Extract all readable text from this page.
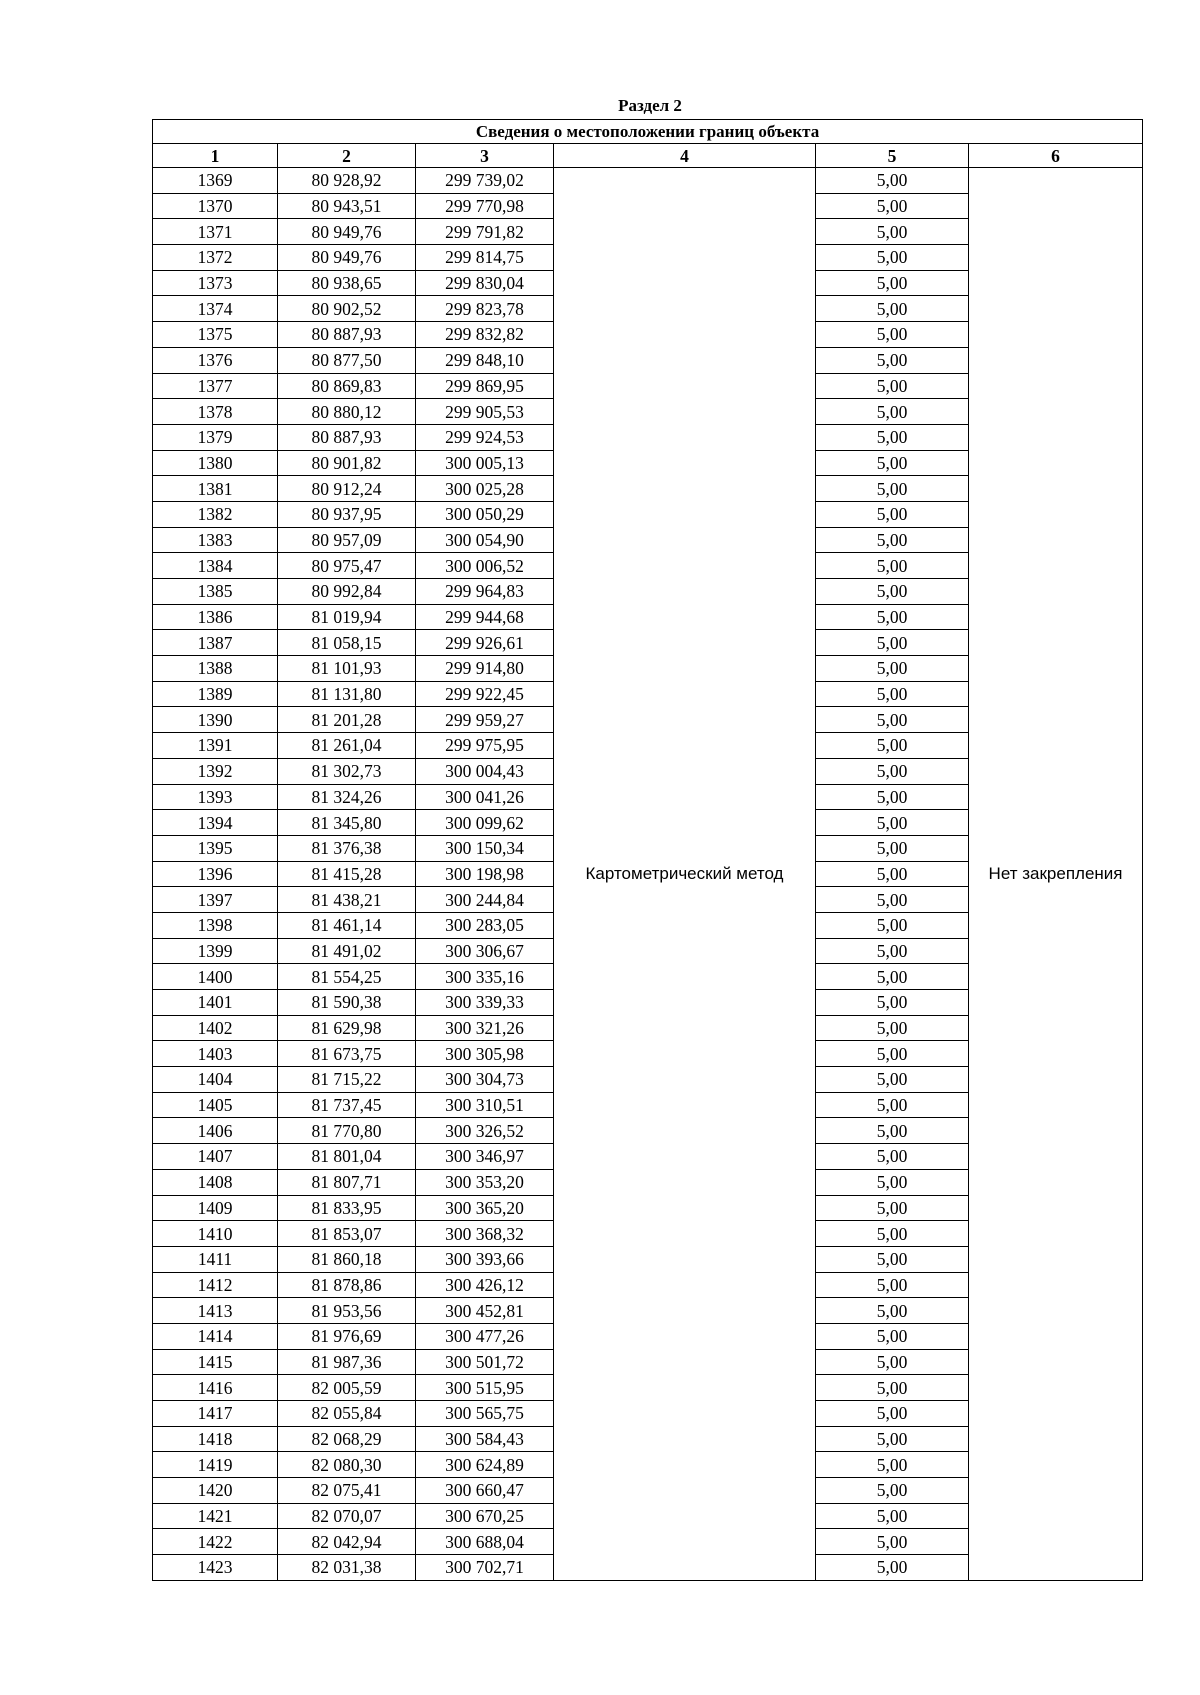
Раздел 2
Сведения о местоположении границ объекта					
1	2	3	4	5	6
1369	80 928,92	299 739,02	Картометрический метод	5,00	Нет закрепления
1370	80 943,51	299 770,98		5,00	
1371	80 949,76	299 791,82		5,00	
1372	80 949,76	299 814,75		5,00	
1373	80 938,65	299 830,04		5,00	
1374	80 902,52	299 823,78		5,00	
1375	80 887,93	299 832,82		5,00	
1376	80 877,50	299 848,10		5,00	
1377	80 869,83	299 869,95		5,00	
1378	80 880,12	299 905,53		5,00	
1379	80 887,93	299 924,53		5,00	
1380	80 901,82	300 005,13		5,00	
1381	80 912,24	300 025,28		5,00	
1382	80 937,95	300 050,29		5,00	
1383	80 957,09	300 054,90		5,00	
1384	80 975,47	300 006,52		5,00	
1385	80 992,84	299 964,83		5,00	
1386	81 019,94	299 944,68		5,00	
1387	81 058,15	299 926,61		5,00	
1388	81 101,93	299 914,80		5,00	
1389	81 131,80	299 922,45		5,00	
1390	81 201,28	299 959,27		5,00	
1391	81 261,04	299 975,95		5,00	
1392	81 302,73	300 004,43		5,00	
1393	81 324,26	300 041,26		5,00	
1394	81 345,80	300 099,62		5,00	
1395	81 376,38	300 150,34		5,00	
1396	81 415,28	300 198,98		5,00	
1397	81 438,21	300 244,84		5,00	
1398	81 461,14	300 283,05		5,00	
1399	81 491,02	300 306,67		5,00	
1400	81 554,25	300 335,16		5,00	
1401	81 590,38	300 339,33		5,00	
1402	81 629,98	300 321,26		5,00	
1403	81 673,75	300 305,98		5,00	
1404	81 715,22	300 304,73		5,00	
1405	81 737,45	300 310,51		5,00	
1406	81 770,80	300 326,52		5,00	
1407	81 801,04	300 346,97		5,00	
1408	81 807,71	300 353,20		5,00	
1409	81 833,95	300 365,20		5,00	
1410	81 853,07	300 368,32		5,00	
1411	81 860,18	300 393,66		5,00	
1412	81 878,86	300 426,12		5,00	
1413	81 953,56	300 452,81		5,00	
1414	81 976,69	300 477,26		5,00	
1415	81 987,36	300 501,72		5,00	
1416	82 005,59	300 515,95		5,00	
1417	82 055,84	300 565,75		5,00	
1418	82 068,29	300 584,43		5,00	
1419	82 080,30	300 624,89		5,00	
1420	82 075,41	300 660,47		5,00	
1421	82 070,07	300 670,25		5,00	
1422	82 042,94	300 688,04		5,00	
1423	82 031,38	300 702,71		5,00	
